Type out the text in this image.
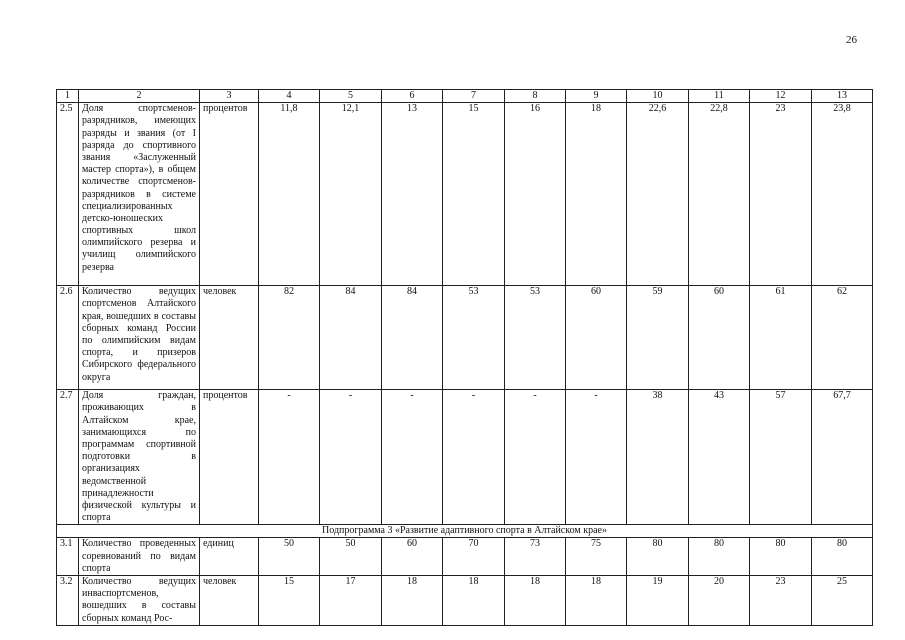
26
1	2	3	4	5	6	7	8	9	10	11	12	13
2.5	Доля спортсменов-разрядников, имеющих разряды и звания (от I разряда до спортивного звания «Заслуженный мастер спорта»), в общем количестве спортсменов-разрядников в системе специализированных детско-юношеских спортивных школ олимпийского резерва и училищ олимпийского резерва	процентов	11,8	12,1	13	15	16	18	22,6	22,8	23	23,8
2.6	Количество ведущих спортсменов Алтайского края, вошедших в составы сборных команд России по олимпийским видам спорта, и призеров Сибирского федерального округа	человек	82	84	84	53	53	60	59	60	61	62
2.7	Доля граждан, проживающих в Алтайском крае, занимающихся по программам спортивной подготовки в организациях ведомственной принадлежности физической культуры и спорта	процентов	-	-	-	-	-	-	38	43	57	67,7
Подпрограмма 3 «Развитие адаптивного спорта в Алтайском крае»												
3.1	Количество проведенных соревнований по видам спорта	единиц	50	50	60	70	73	75	80	80	80	80
3.2	Количество ведущих инваспортсменов, вошедших в составы сборных команд Рос-	человек	15	17	18	18	18	18	19	20	23	25
